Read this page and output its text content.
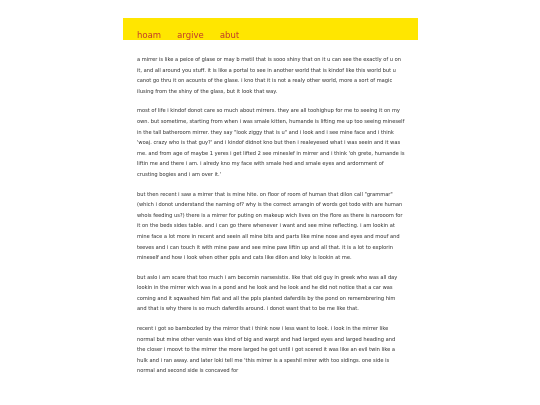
hoam argive abut

a mirrer is like a peice of glase or may b metil that is sooo shiny that on it u can see the exactly of u on it, and all around you stuff. it is like a portal to see in another world that is kindof like this world but u canot go thru it on acounts of the glase. i kno that it is not a realy other world, more a sort of magic ilusing from the shiny of the glass, but it look that way.

most of life i kindof donot care so much about mirrers. they are all toohighup for me to seeing it on my own. but sometime, starting from when i was smale kitten, humande is lifting me up too seeing mineself in the tall batheroom mirrer. they say "look ziggy that is u" and i look and i see mine face and i think 'woaj. crazy who is that guy?' and i kindof didnot kno but then i realeyesed what i was seein and it was me. and from age of maybe 1 yeres i get lifted 2 see mineslef in mirrer and i think 'oh grete, humande is liftin me and there i am. i alredy kno my face with smale hed and smale eyes and ardornment of crusting bogies and i am over it.'

but then recent i saw a mirrer that is mine hite. on floor of room of human that dilon call "grammar" (which i donot understand the naming of? why is the correct arrangin of words got todo with are human whois feeding us?) there is a mirrer for puting on makeup wich lives on the flore as there is narooom for it on the beds sides table. and i can go there whenever i want and see mine reflecting. i am lookin at mine face a lot more in recent and seein all mine bits and parts like mine nose and eyes and mouf and teeves and i can touch it with mine paw and see mine paw liftin up and all that. it is a lot to explorin mineself and how i look when other ppls and cats like dilon and loky is lookin at me.

but aslo i am scare that too much i am becomin narsesistix. like that old guy in greek who was all day lookin in the mirrer wich was in a pond and he look and he look and he did not notice that a car was coming and it sqwashed him flat and all the ppls planted daferdils by the pond on remembrering him and that is why there is so much daferdils around. i donot want that to be me like that.

recent i got so bambozled by the mirror that i think now i less want to look. i look in the mirrer like normal but mine other versin was kind of big and warpt and had larged eyes and larged heading and the closer i moovt to the mirrer the more larged he got until i got scered it was like an evil twin like a hulk and i ran away. and later loki tell me 'this mirrer is a speshil mirer with too sidings. one side is normal and second side is concaved for
